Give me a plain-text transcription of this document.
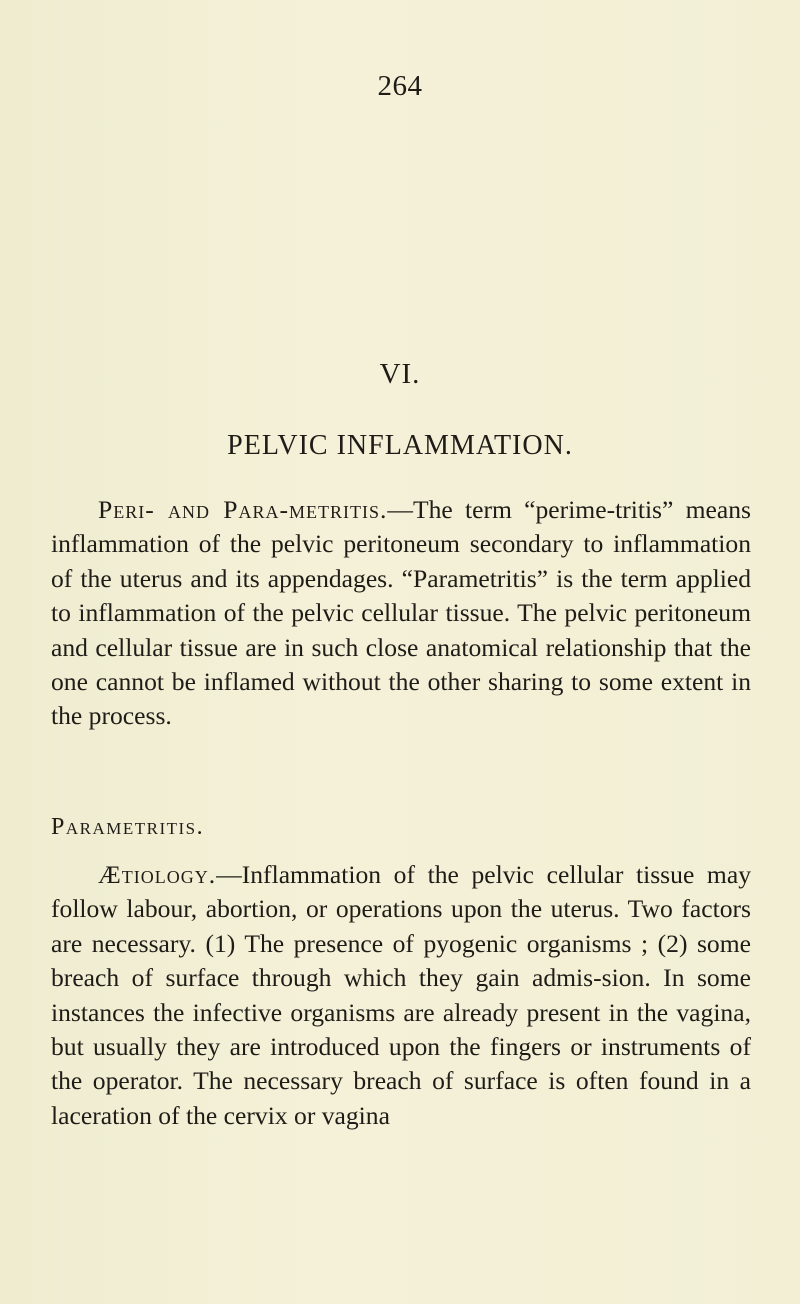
264
VI.
PELVIC INFLAMMATION.

Peri- and Para-metritis.—The term “perime-tritis” means inflammation of the pelvic peritoneum secondary to inflammation of the uterus and its appendages. “Parametritis” is the term applied to inflammation of the pelvic cellular tissue. The pelvic peritoneum and cellular tissue are in such close anatomical relationship that the one cannot be inflamed without the other sharing to some extent in the process.

Parametritis.

Ætiology.—Inflammation of the pelvic cellular tissue may follow labour, abortion, or operations upon the uterus. Two factors are necessary. (1) The presence of pyogenic organisms ; (2) some breach of surface through which they gain admis-sion. In some instances the infective organisms are already present in the vagina, but usually they are introduced upon the fingers or instruments of the operator. The necessary breach of surface is often found in a laceration of the cervix or vagina
